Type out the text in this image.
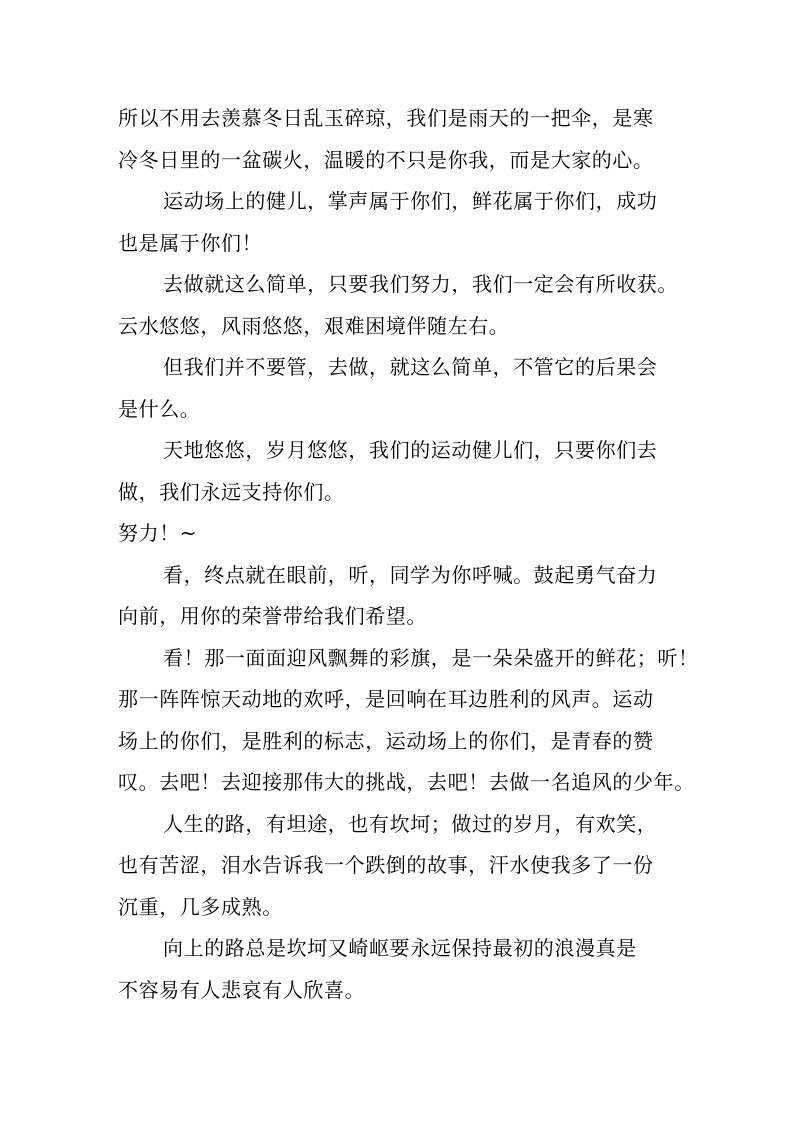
所以不用去羡慕冬日乱玉碎琼，我们是雨天的一把伞，是寒
冷冬日里的一盆碳火，温暖的不只是你我，而是大家的心。
运动场上的健儿，掌声属于你们，鲜花属于你们，成功
也是属于你们！
去做就这么简单，只要我们努力，我们一定会有所收获。
云水悠悠，风雨悠悠，艰难困境伴随左右。
但我们并不要管，去做，就这么简单，不管它的后果会
是什么。
天地悠悠，岁月悠悠，我们的运动健儿们，只要你们去
做，我们永远支持你们。
努力！~
看，终点就在眼前，听，同学为你呼喊。鼓起勇气奋力
向前，用你的荣誉带给我们希望。
看！那一面面迎风飘舞的彩旗，是一朵朵盛开的鲜花；听！
那一阵阵惊天动地的欢呼，是回响在耳边胜利的风声。运动
场上的你们，是胜利的标志，运动场上的你们，是青春的赞
叹。去吧！去迎接那伟大的挑战，去吧！去做一名追风的少年。
人生的路，有坦途，也有坎坷；做过的岁月，有欢笑，
也有苦涩，泪水告诉我一个跌倒的故事，汗水使我多了一份
沉重，几多成熟。
向上的路总是坎坷又崎岖要永远保持最初的浪漫真是
不容易有人悲哀有人欣喜。
